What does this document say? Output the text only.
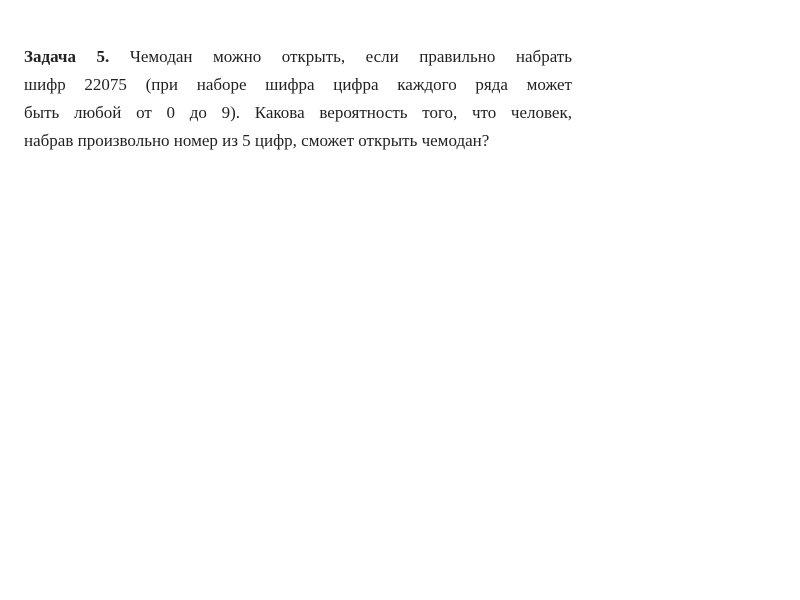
Задача 5. Чемодан можно открыть, если правильно набрать
шифр 22075 (при наборе шифра цифра каждого ряда может
быть любой от 0 до 9). Какова вероятность того, что человек,
набрав произвольно номер из 5 цифр, сможет открыть чемодан?
